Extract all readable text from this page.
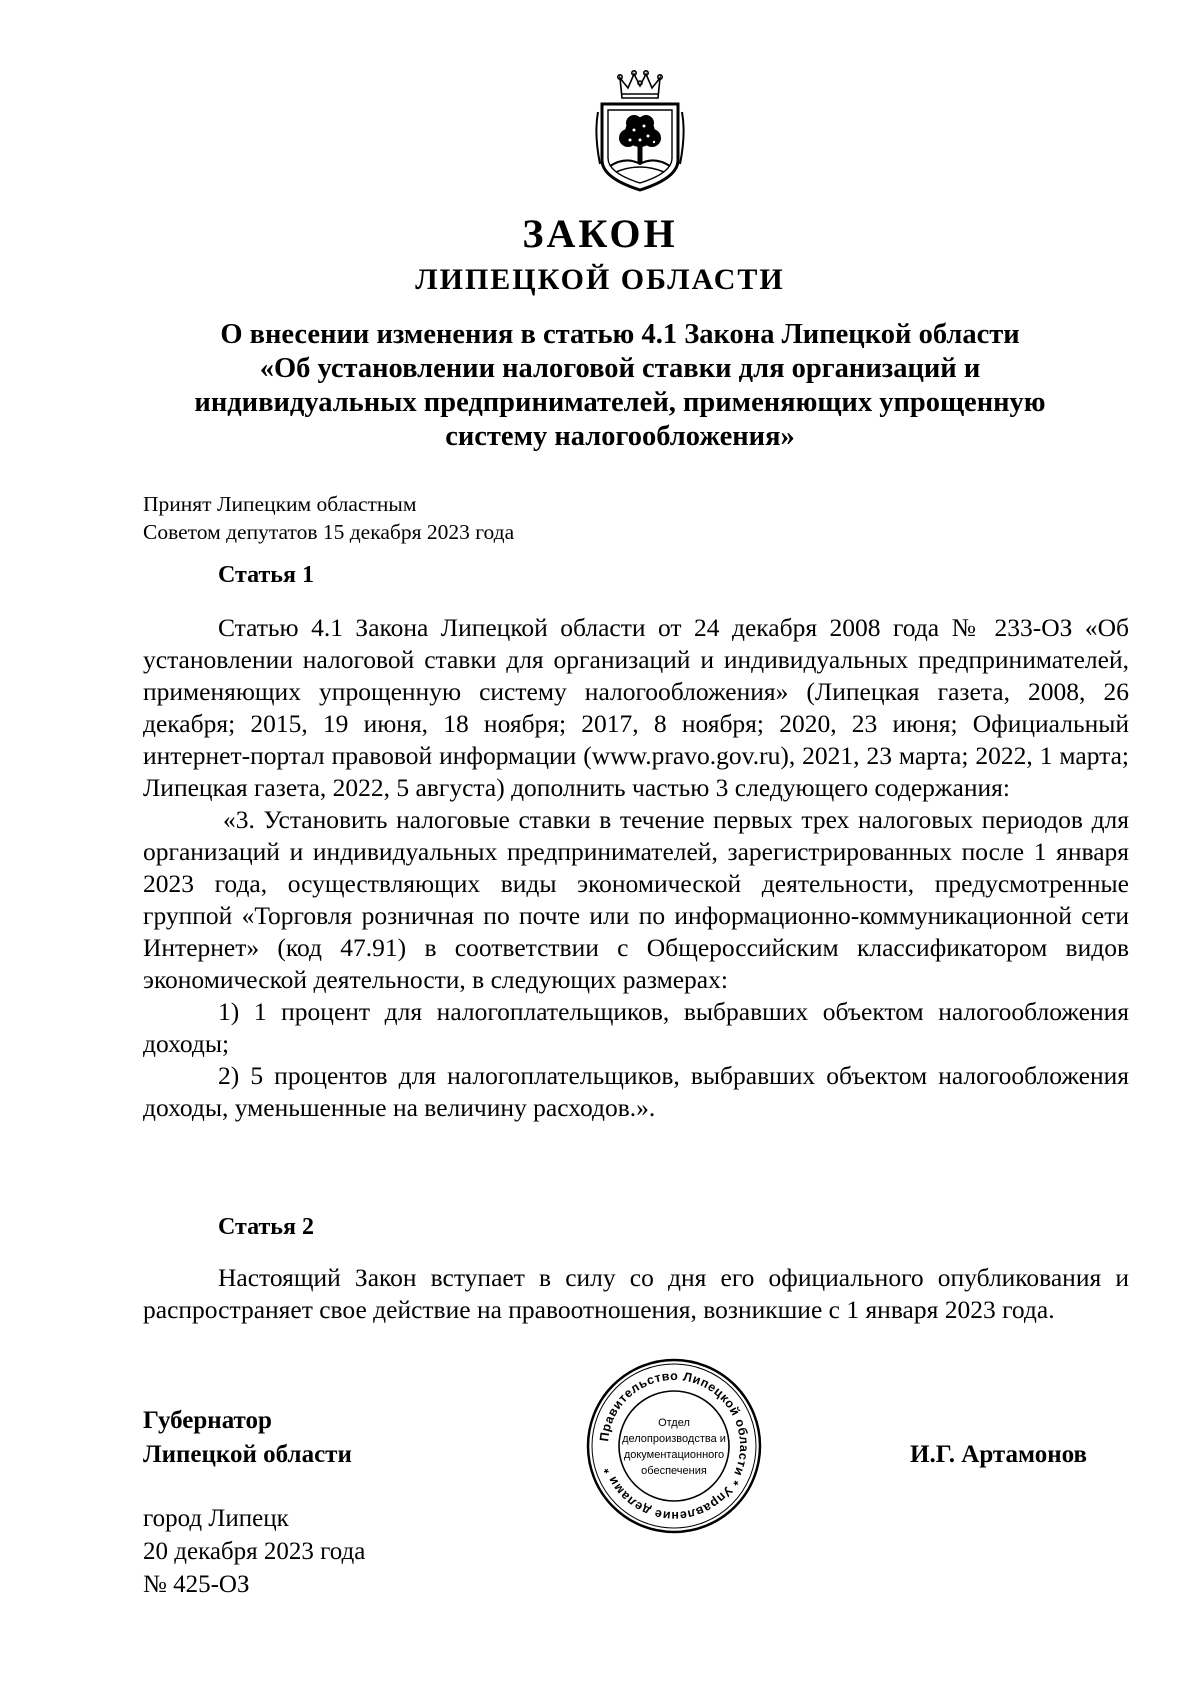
ЗАКОН
ЛИПЕЦКОЙ ОБЛАСТИ
О внесении изменения в статью 4.1 Закона Липецкой области
«Об установлении налоговой ставки для организаций и
индивидуальных предпринимателей, применяющих упрощенную
систему налогообложения»
Принят Липецким областным
Советом депутатов 15 декабря 2023 года
Статья 1

Статью 4.1 Закона Липецкой области от 24 декабря 2008 года № 233-ОЗ «Об установлении налоговой ставки для организаций и индивидуальных предпринимателей, применяющих упрощенную систему налогообложения» (Липецкая газета, 2008, 26 декабря; 2015, 19 июня, 18 ноября; 2017, 8 ноября; 2020, 23 июня; Официальный интернет-портал правовой информации (www.pravo.gov.ru), 2021, 23 марта; 2022, 1 марта; Липецкая газета, 2022, 5 августа) дополнить частью 3 следующего содержания:

«3. Установить налоговые ставки в течение первых трех налоговых периодов для организаций и индивидуальных предпринимателей, зарегистрированных после 1 января 2023 года, осуществляющих виды экономической деятельности, предусмотренные группой «Торговля розничная по почте или по информационно-коммуникационной сети Интернет» (код 47.91) в соответствии с Общероссийским классификатором видов экономической деятельности, в следующих размерах:

1) 1 процент для налогоплательщиков, выбравших объектом налогообложения доходы;

2) 5 процентов для налогоплательщиков, выбравших объектом налогообложения доходы, уменьшенные на величину расходов.».

Статья 2

Настоящий Закон вступает в силу со дня его официального опубликования и распространяет свое действие на правоотношения, возникшие с 1 января 2023 года.

Губернатор
Липецкой области
Правительство Липецкой области * Управление делами *
Отдел
делопроизводства и
документационного
обеспечения
И.Г. Артамонов
город Липецк
20 декабря 2023 года
№ 425-ОЗ
